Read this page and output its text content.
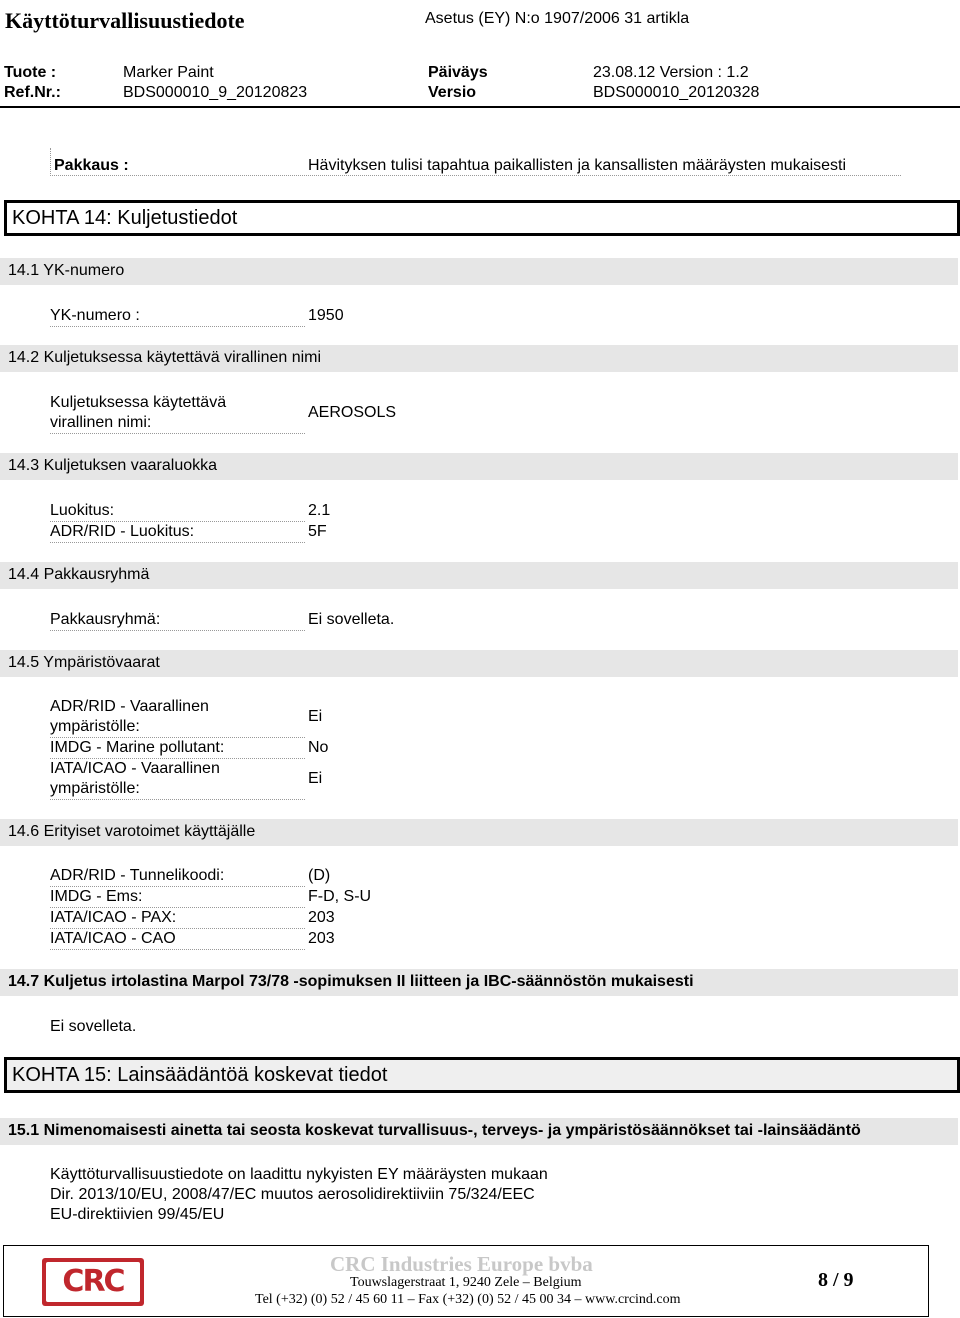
Käyttöturvallisuustiedote	Asetus (EY) N:o 1907/2006 31 artikla
Tuote :	Marker Paint	Päiväys	23.08.12 Version : 1.2
Ref.Nr.:	BDS000010_9_20120823	Versio	BDS000010_20120328
Pakkaus :	Hävityksen tulisi tapahtua paikallisten ja kansallisten määräysten mukaisesti
KOHTA 14: Kuljetustiedot
14.1 YK-numero
YK-numero :	1950
14.2 Kuljetuksessa käytettävä virallinen nimi
Kuljetuksessa käytettävä
virallinen nimi:
AEROSOLS
14.3 Kuljetuksen vaaraluokka
Luokitus:	2.1
ADR/RID - Luokitus:	5F
14.4 Pakkausryhmä
Pakkausryhmä:	Ei sovelleta.
14.5 Ympäristövaarat
ADR/RID - Vaarallinen
ympäristölle:
Ei
IMDG - Marine pollutant:	No
IATA/ICAO - Vaarallinen
ympäristölle:
Ei
14.6 Erityiset varotoimet käyttäjälle
ADR/RID - Tunnelikoodi:	(D)
IMDG - Ems:	F-D, S-U
IATA/ICAO - PAX:	203
IATA/ICAO - CAO	203
14.7 Kuljetus irtolastina Marpol 73/78 -sopimuksen II liitteen ja IBC-säännöstön mukaisesti
Ei sovelleta.
KOHTA 15: Lainsäädäntöä koskevat tiedot
15.1 Nimenomaisesti ainetta tai seosta koskevat turvallisuus-, terveys- ja ympäristösäännökset tai -lainsäädäntö
Käyttöturvallisuustiedote on laadittu nykyisten EY määräysten mukaan
Dir. 2013/10/EU, 2008/47/EC muutos aerosolidirektiiviin 75/324/EEC
EU-direktiivien 99/45/EU
CRC	CRC Industries Europe bvba
Touwslagerstraat 1, 9240 Zele – Belgium
Tel (+32) (0) 52 / 45 60 11 – Fax (+32) (0) 52 / 45 00 34 – www.crcind.com
8 / 9
